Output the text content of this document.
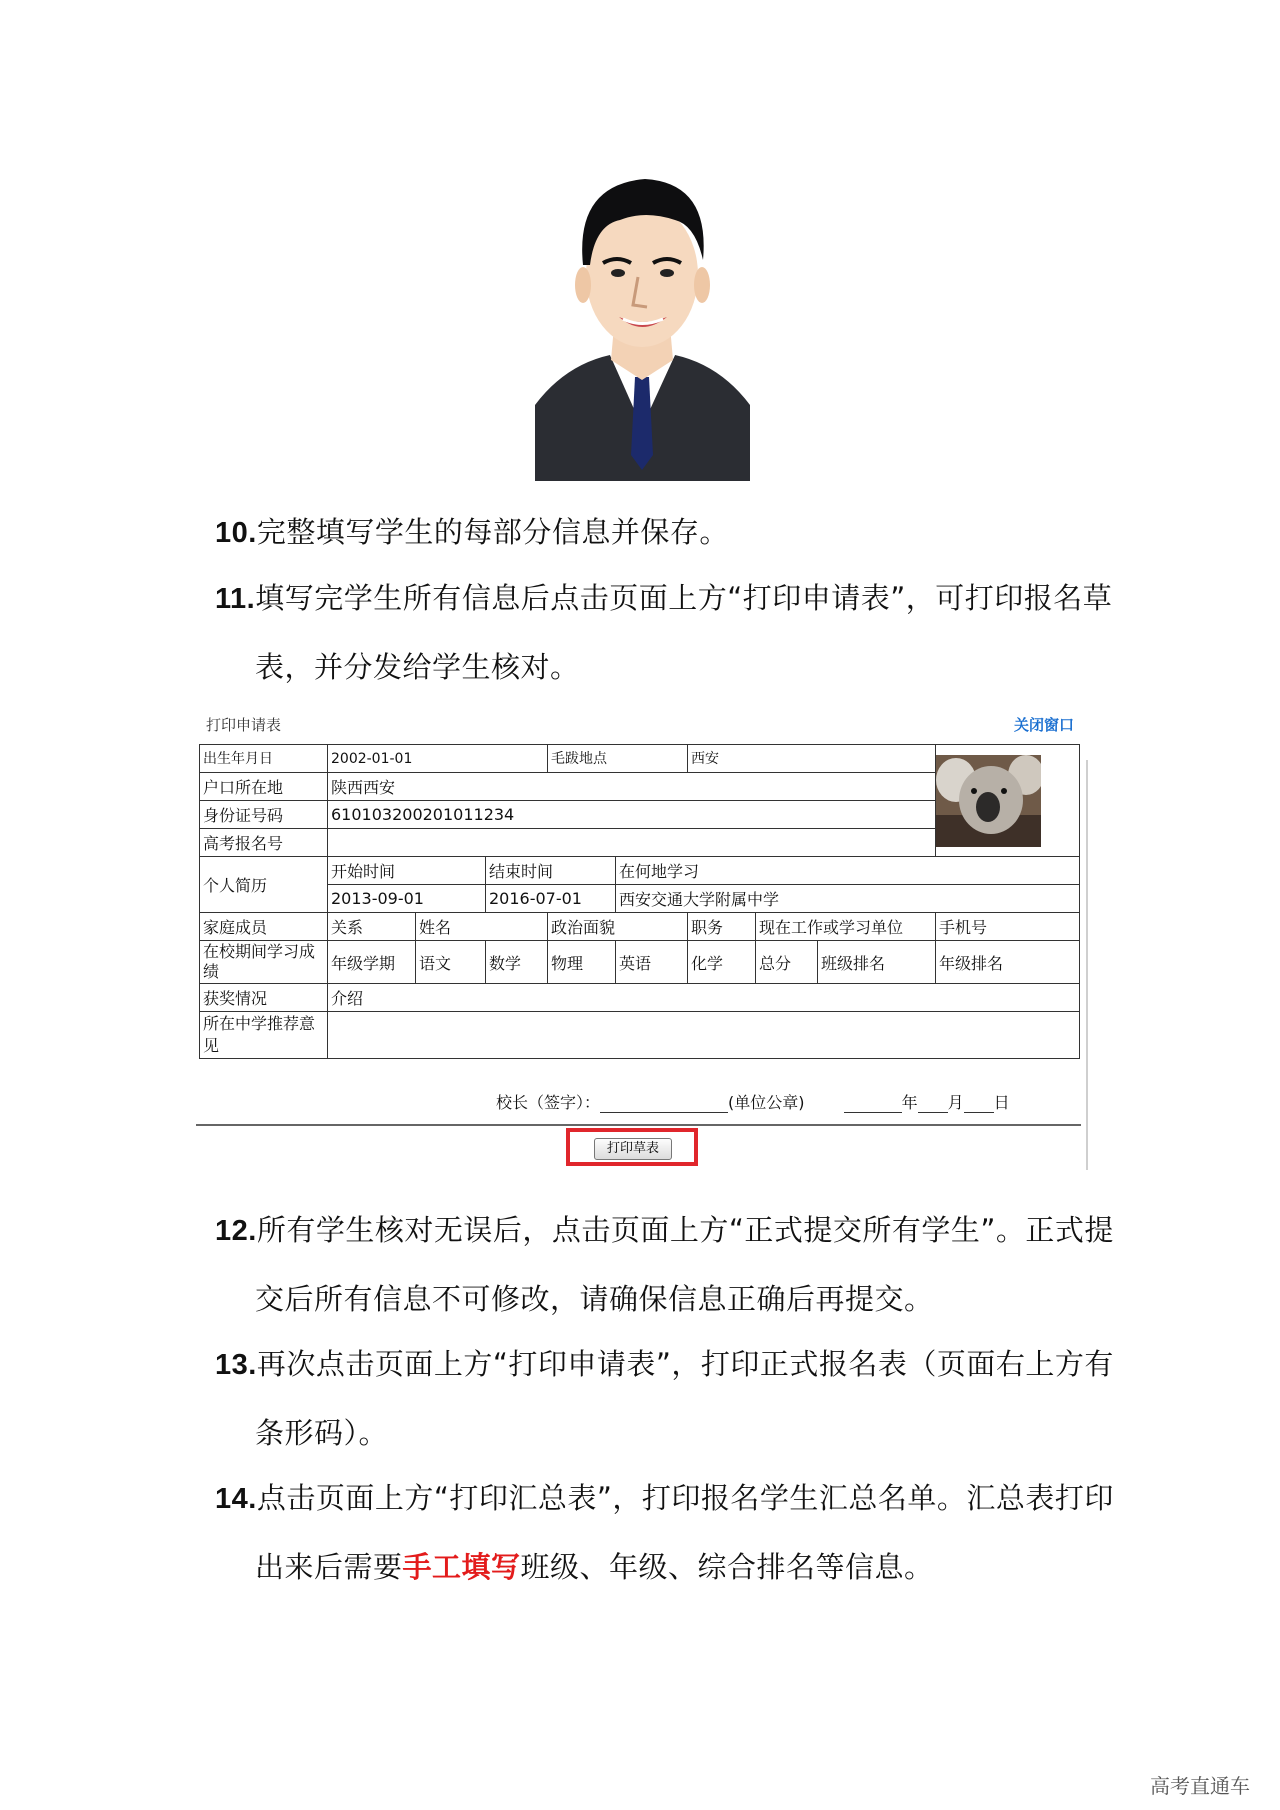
10.完整填写学生的每部分信息并保存。
11.填写完学生所有信息后点击页面上方“打印申请表”，可打印报名草
表，并分发给学生核对。
打印申请表	关闭窗口
出生年月日	2002-01-01			毛跋地点		西安	

户口所在地	陕西西安								
身份证号码	610103200201011234								
高考报名号									
个人简历	开始时间		结束时间		在何地学习				
	2013-09-01		2016-07-01		西安交通大学附属中学				
家庭成员	关系	姓名		政治面貌		职务	现在工作或学习单位		手机号
在校期间学习成绩	年级学期	语文	数学	物理	英语	化学	总分	班级排名	年级排名
获奖情况	介绍								
所在中学推荐意见									
校长（签字）：	(单位公章)	年 月 日
打印草表
12.所有学生核对无误后，点击页面上方“正式提交所有学生”。正式提
交后所有信息不可修改，请确保信息正确后再提交。
13.再次点击页面上方“打印申请表”，打印正式报名表（页面右上方有
条形码）。
14.点击页面上方“打印汇总表”，打印报名学生汇总名单。汇总表打印
出来后需要手工填写班级、年级、综合排名等信息。
高考直通车
